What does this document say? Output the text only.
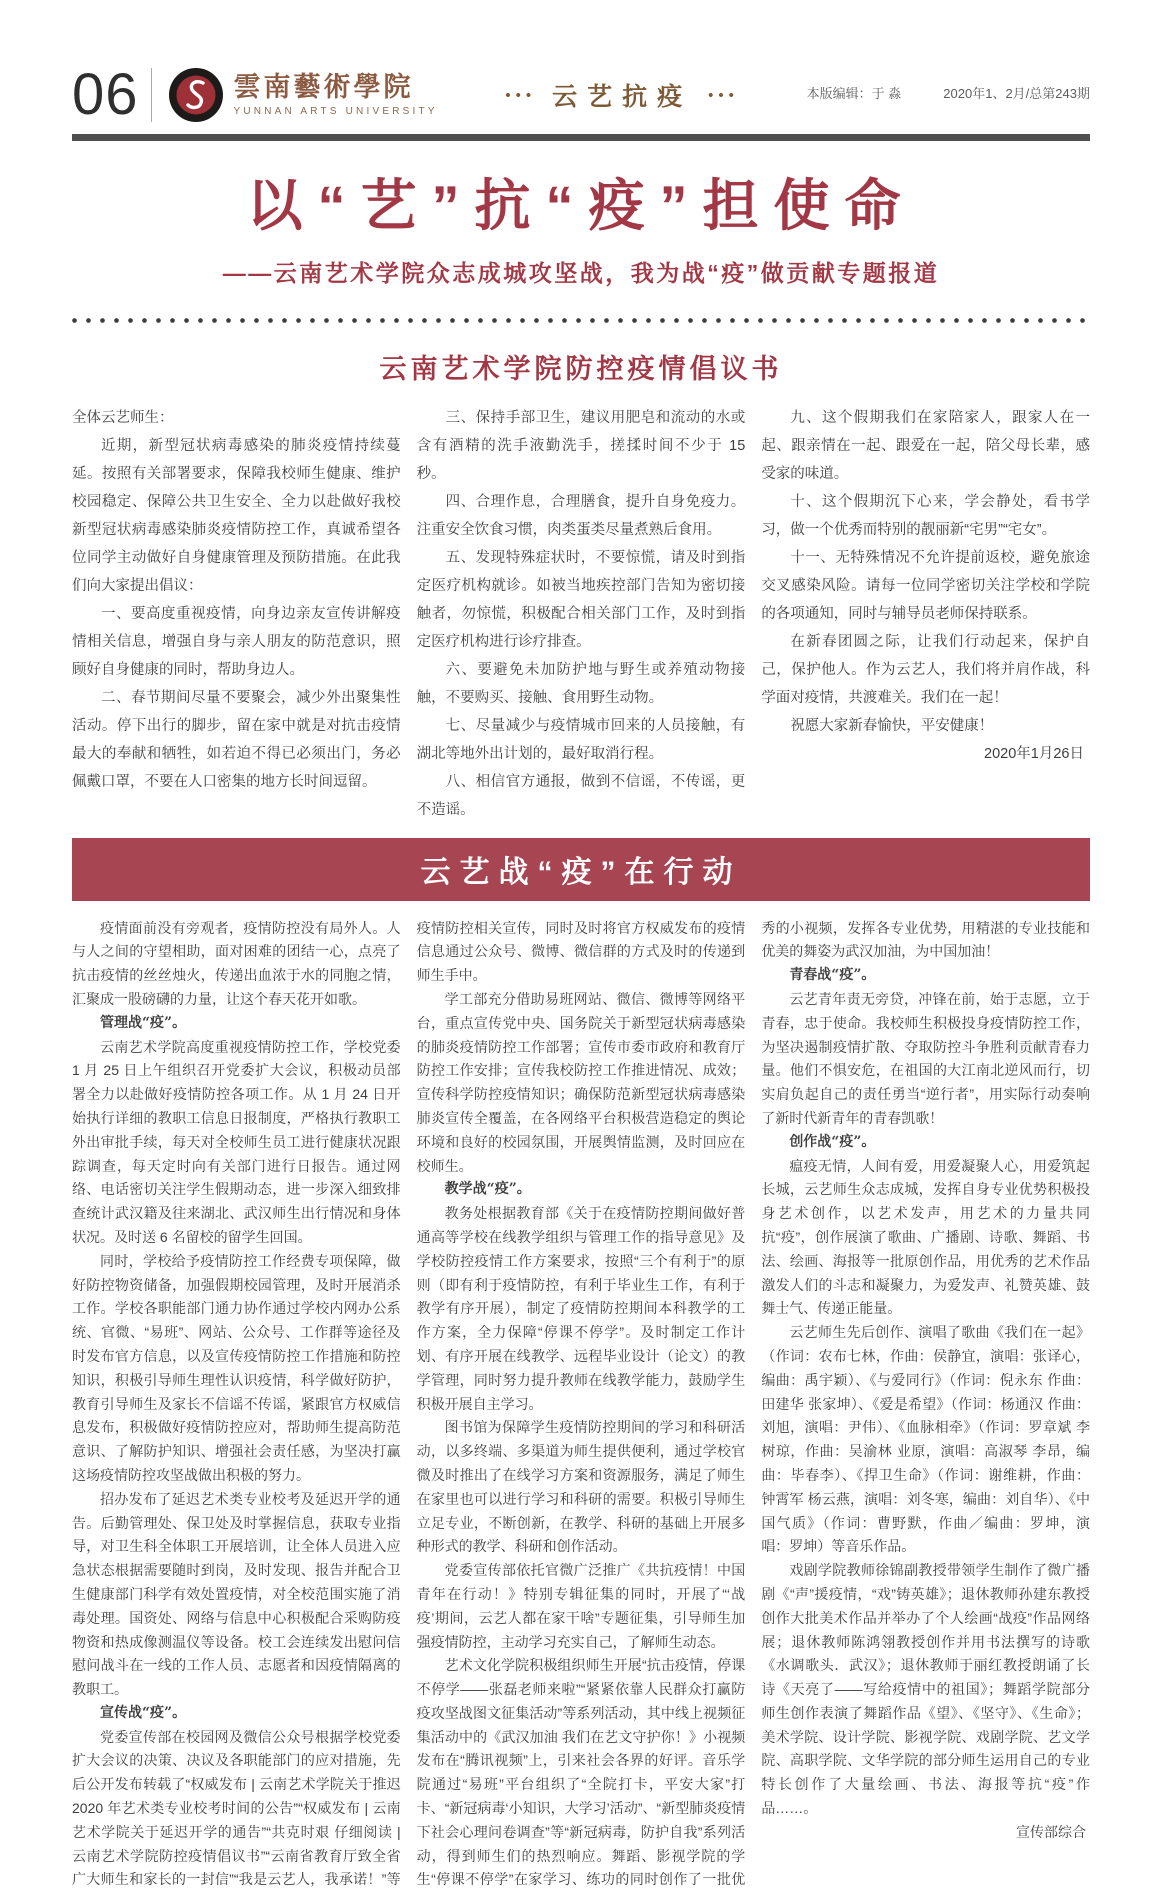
06	雲南藝術學院
YUNNAN ARTS UNIVERSITY
••• 云艺抗疫 •••	本版编辑：于 淼	2020年1、2月/总第243期
以“艺”抗“疫”担使命
——云南艺术学院众志成城攻坚战，我为战“疫”做贡献专题报道
云南艺术学院防控疫情倡议书

全体云艺师生：

近期，新型冠状病毒感染的肺炎疫情持续蔓延。按照有关部署要求，保障我校师生健康、维护校园稳定、保障公共卫生安全、全力以赴做好我校新型冠状病毒感染肺炎疫情防控工作，真诚希望各位同学主动做好自身健康管理及预防措施。在此我们向大家提出倡议：

一、要高度重视疫情，向身边亲友宣传讲解疫情相关信息，增强自身与亲人朋友的防范意识，照顾好自身健康的同时，帮助身边人。

二、春节期间尽量不要聚会，减少外出聚集性活动。停下出行的脚步，留在家中就是对抗击疫情最大的奉献和牺牲，如若迫不得已必须出门，务必佩戴口罩，不要在人口密集的地方长时间逗留。

三、保持手部卫生，建议用肥皂和流动的水或含有酒精的洗手液勤洗手，搓揉时间不少于 15 秒。

四、合理作息，合理膳食，提升自身免疫力。注重安全饮食习惯，肉类蛋类尽量煮熟后食用。

五、发现特殊症状时，不要惊慌，请及时到指定医疗机构就诊。如被当地疾控部门告知为密切接触者，勿惊慌，积极配合相关部门工作，及时到指定医疗机构进行诊疗排查。

六、要避免未加防护地与野生或养殖动物接触，不要购买、接触、食用野生动物。

七、尽量减少与疫情城市回来的人员接触，有湖北等地外出计划的，最好取消行程。

八、相信官方通报，做到不信谣，不传谣，更不造谣。

九、这个假期我们在家陪家人，跟家人在一起、跟亲情在一起、跟爱在一起，陪父母长辈，感受家的味道。

十、这个假期沉下心来，学会静处，看书学习，做一个优秀而特别的靓丽新“宅男”“宅女”。

十一、无特殊情况不允许提前返校，避免旅途交叉感染风险。请每一位同学密切关注学校和学院的各项通知，同时与辅导员老师保持联系。

在新春团圆之际，让我们行动起来，保护自己，保护他人。作为云艺人，我们将并肩作战，科学面对疫情，共渡难关。我们在一起！

祝愿大家新春愉快，平安健康！

2020年1月26日

云艺战“疫”在行动

疫情面前没有旁观者，疫情防控没有局外人。人与人之间的守望相助，面对困难的团结一心，点亮了抗击疫情的丝丝烛火，传递出血浓于水的同胞之情，汇聚成一股磅礴的力量，让这个春天花开如歌。

管理战“疫”。

云南艺术学院高度重视疫情防控工作，学校党委 1 月 25 日上午组织召开党委扩大会议，积极动员部署全力以赴做好疫情防控各项工作。从 1 月 24 日开始执行详细的教职工信息日报制度，严格执行教职工外出审批手续，每天对全校师生员工进行健康状况跟踪调查，每天定时向有关部门进行日报告。通过网络、电话密切关注学生假期动态，进一步深入细致排查统计武汉籍及往来湖北、武汉师生出行情况和身体状况。及时送 6 名留校的留学生回国。

同时，学校给予疫情防控工作经费专项保障，做好防控物资储备，加强假期校园管理，及时开展消杀工作。学校各职能部门通力协作通过学校内网办公系统、官微、“易班”、网站、公众号、工作群等途径及时发布官方信息，以及宣传疫情防控工作措施和防控知识，积极引导师生理性认识疫情，科学做好防护，教育引导师生及家长不信谣不传谣，紧跟官方权威信息发布，积极做好疫情防控应对，帮助师生提高防范意识、了解防护知识、增强社会责任感，为坚决打赢这场疫情防控攻坚战做出积极的努力。

招办发布了延迟艺术类专业校考及延迟开学的通告。后勤管理处、保卫处及时掌握信息，获取专业指导，对卫生科全体职工开展培训，让全体人员进入应急状态根据需要随时到岗，及时发现、报告并配合卫生健康部门科学有效处置疫情，对全校范围实施了消毒处理。国资处、网络与信息中心积极配合采购防疫物资和热成像测温仪等设备。校工会连续发出慰问信 慰问战斗在一线的工作人员、志愿者和因疫情隔离的教职工。

宣传战“疫”。

党委宣传部在校园网及微信公众号根据学校党委扩大会议的决策、决议及各职能部门的应对措施，先后公开发布转载了“权威发布 | 云南艺术学院关于推迟 2020 年艺术类专业校考时间的公告”“权威发布 | 云南艺术学院关于延迟开学的通告”“共克时艰 仔细阅读 | 云南艺术学院防控疫情倡议书”“云南省教育厅致全省广大师生和家长的一封信”“我是云艺人，我承诺！”等疫情防控相关宣传，同时及时将官方权威发布的疫情信息通过公众号、微博、微信群的方式及时的传递到师生手中。

学工部充分借助易班网站、微信、微博等网络平台，重点宣传党中央、国务院关于新型冠状病毒感染的肺炎疫情防控工作部署；宣传市委市政府和教育厅防控工作安排；宣传我校防控工作推进情况、成效；宣传科学防控疫情知识；确保防范新型冠状病毒感染肺炎宣传全覆盖，在各网络平台积极营造稳定的舆论环境和良好的校园氛围，开展舆情监测，及时回应在校师生。

教学战“疫”。

教务处根据教育部《关于在疫情防控期间做好普通高等学校在线教学组织与管理工作的指导意见》及学校防控疫情工作方案要求，按照“三个有利于”的原则（即有利于疫情防控，有利于毕业生工作，有利于教学有序开展），制定了疫情防控期间本科教学的工作方案，全力保障“停课不停学”。及时制定工作计划、有序开展在线教学、远程毕业设计（论文）的教学管理，同时努力提升教师在线教学能力，鼓励学生积极开展自主学习。

图书馆为保障学生疫情防控期间的学习和科研活动，以多终端、多渠道为师生提供便利，通过学校官微及时推出了在线学习方案和资源服务，满足了师生在家里也可以进行学习和科研的需要。积极引导师生立足专业，不断创新，在教学、科研的基础上开展多种形式的教学、科研和创作活动。

党委宣传部依托官微广泛推广《共抗疫情！中国青年在行动！》特别专辑征集的同时，开展了“‘战 疫’期间，云艺人都在家干啥”专题征集，引导师生加强疫情防控，主动学习充实自己，了解师生动态。

艺术文化学院积极组织师生开展“抗击疫情，停课不停学——张磊老师来啦”“紧紧依靠人民群众打赢防疫攻坚战图文征集活动”等系列活动，其中线上视频征集活动中的《武汉加油 我们在艺文守护你！》小视频发布在“腾讯视频”上，引来社会各界的好评。音乐学院通过“易班”平台组织了“全院打卡，平安大家”打卡、“新冠病毒‘小知识，大学习’活动”、“新型肺炎疫情下社会心理问卷调查”等“新冠病毒，防护自我”系列活动，得到师生们的热烈响应。舞蹈、影视学院的学生“停课不停学”在家学习、练功的同时创作了一批优秀的小视频，发挥各专业优势，用精湛的专业技能和优美的舞姿为武汉加油，为中国加油！

青春战“疫”。

云艺青年责无旁贷，冲锋在前，始于志愿，立于青春，忠于使命。我校师生积极投身疫情防控工作，为坚决遏制疫情扩散、夺取防控斗争胜利贡献青春力量。他们不惧安危，在祖国的大江南北逆风而行，切实肩负起自己的责任勇当“逆行者”，用实际行动奏响了新时代新青年的青春凯歌！

创作战“疫”。

瘟疫无情，人间有爱，用爱凝聚人心，用爱筑起长城，云艺师生众志成城，发挥自身专业优势积极投身艺术创作，以艺术发声，用艺术的力量共同抗“疫”，创作展演了歌曲、广播剧、诗歌、舞蹈、书法、绘画、海报等一批原创作品，用优秀的艺术作品激发人们的斗志和凝聚力，为爱发声、礼赞英雄、鼓舞士气、传递正能量。

云艺师生先后创作、演唱了歌曲《我们在一起》（作词：农布七林，作曲：侯静宜，演唱：张译心，编曲：禹宇颖）、《与爱同行》（作词：倪永东 作曲：田建华 张家坤）、《爱是希望》（作词：杨通汉 作曲：刘旭，演唱：尹伟）、《血脉相牵》（作词：罗章斌 李树琼，作曲：吴渝林 业原，演唱：高淑琴 李昂，编曲：毕春李）、《捍卫生命》（作词：谢维耕，作曲：钟霄军 杨云燕，演唱：刘冬寒，编曲：刘自华）、《中国气质》（作词：曹野默，作曲／编曲：罗坤，演唱：罗坤）等音乐作品。

戏剧学院教师徐锦副教授带领学生制作了微广播剧《“声”援疫情，“戏”铸英雄》；退休教师孙建东教授创作大批美术作品并举办了个人绘画“战疫”作品网络展；退休教师陈鸿翎教授创作并用书法撰写的诗歌《水调歌头．武汉》；退休教师于丽红教授朗诵了长诗《天亮了——写给疫情中的祖国》；舞蹈学院部分师生创作表演了舞蹈作品《望》、《坚守》、《生命》；美术学院、设计学院、影视学院、戏剧学院、艺文学院、高职学院、文华学院的部分师生运用自己的专业特长创作了大量绘画、书法、海报等抗“疫”作品……。

宣传部综合
